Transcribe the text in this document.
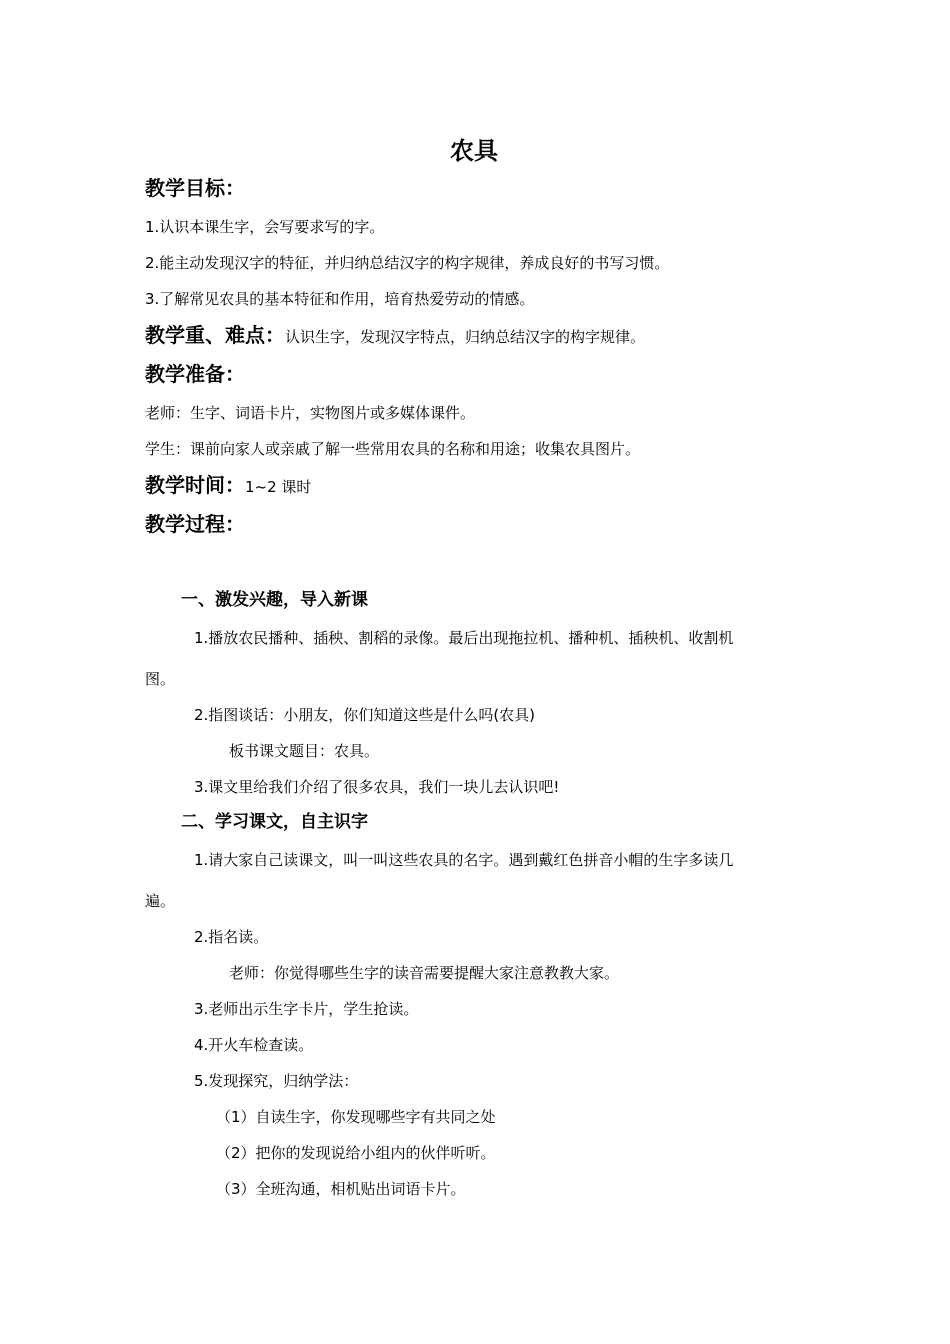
农具
教学目标：
1.认识本课生字，会写要求写的字。
2.能主动发现汉字的特征，并归纳总结汉字的构字规律，养成良好的书写习惯。
3.了解常见农具的基本特征和作用，培育热爱劳动的情感。
教学重、难点：认识生字，发现汉字特点，归纳总结汉字的构字规律。
教学准备：
老师：生字、词语卡片，实物图片或多媒体课件。
学生：课前向家人或亲戚了解一些常用农具的名称和用途；收集农具图片。
教学时间：1~2 课时
教学过程：
一、激发兴趣，导入新课
1.播放农民播种、插秧、割稻的录像。最后出现拖拉机、播种机、插秧机、收割机
图。
2.指图谈话：小朋友，你们知道这些是什么吗(农具)
板书课文题目：农具。
3.课文里给我们介绍了很多农具，我们一块儿去认识吧!
二、学习课文，自主识字
1.请大家自己读课文，叫一叫这些农具的名字。遇到戴红色拼音小帽的生字多读几
遍。
2.指名读。
老师：你觉得哪些生字的读音需要提醒大家注意教教大家。
3.老师出示生字卡片，学生抢读。
4.开火车检查读。
5.发现探究，归纳学法：
（1）自读生字，你发现哪些字有共同之处
（2）把你的发现说给小组内的伙伴听听。
（3）全班沟通，相机贴出词语卡片。
